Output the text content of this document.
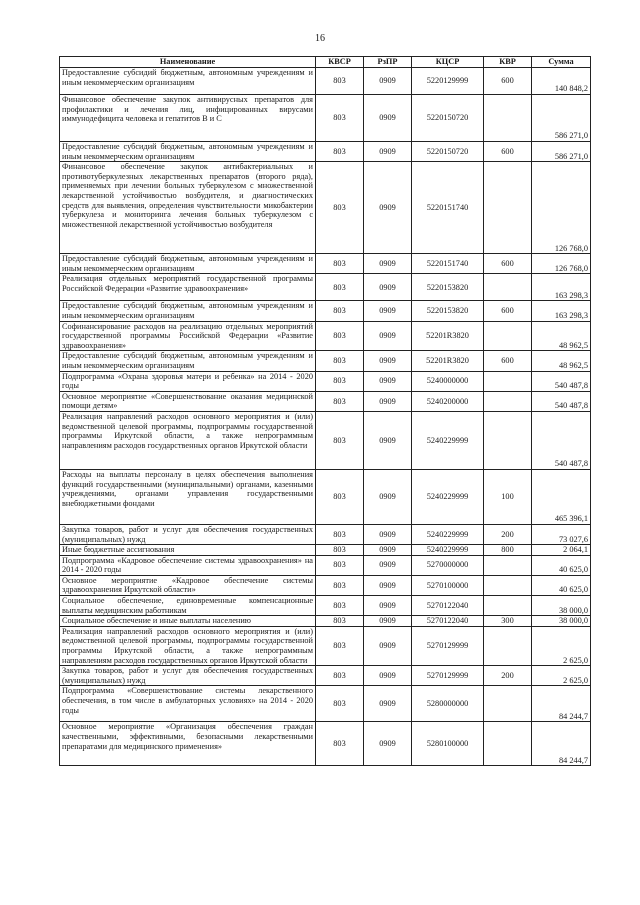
16
Наименование	КВСР	РзПР	КЦСР	КВР	Сумма
Предоставление субсидий бюджетным, автономным учреждениям и иным некоммерческим организациям	803	0909	5220129999	600	140 848,2
Финансовое обеспечение закупок антивирусных препаратов для профилактики и лечения лиц, инфицированных вирусами иммунодефицита человека и гепатитов B и C	803	0909	5220150720		586 271,0
Предоставление субсидий бюджетным, автономным учреждениям и иным некоммерческим организациям	803	0909	5220150720	600	586 271,0
Финансовое обеспечение закупок антибактериальных и противотуберкулезных лекарственных препаратов (второго ряда), применяемых при лечении больных туберкулезом с множественной лекарственной устойчивостью возбудителя, и диагностических средств для выявления, определения чувствительности микобактерии туберкулеза и мониторинга лечения больных туберкулезом с множественной лекарственной устойчивостью возбудителя	803	0909	5220151740		126 768,0
Предоставление субсидий бюджетным, автономным учреждениям и иным некоммерческим организациям	803	0909	5220151740	600	126 768,0
Реализация отдельных мероприятий государственной программы Российской Федерации «Развитие здравоохранения»	803	0909	5220153820		163 298,3
Предоставление субсидий бюджетным, автономным учреждениям и иным некоммерческим организациям	803	0909	5220153820	600	163 298,3
Софинансирование расходов на реализацию отдельных мероприятий государственной программы Российской Федерации «Развитие здравоохранения»	803	0909	52201R3820		48 962,5
Предоставление субсидий бюджетным, автономным учреждениям и иным некоммерческим организациям	803	0909	52201R3820	600	48 962,5
Подпрограмма «Охрана здоровья матери и ребенка» на 2014 - 2020 годы	803	0909	5240000000		540 487,8
Основное мероприятие «Совершенствование оказания медицинской помощи детям»	803	0909	5240200000		540 487,8
Реализация направлений расходов основного мероприятия и (или) ведомственной целевой программы, подпрограммы государственной программы Иркутской области, а также непрограммным направлениям расходов государственных органов Иркутской области	803	0909	5240229999		540 487,8
Расходы на выплаты персоналу в целях обеспечения выполнения функций государственными (муниципальными) органами, казенными учреждениями, органами управления государственными внебюджетными фондами	803	0909	5240229999	100	465 396,1
Закупка товаров, работ и услуг для обеспечения государственных (муниципальных) нужд	803	0909	5240229999	200	73 027,6
Иные бюджетные ассигнования	803	0909	5240229999	800	2 064,1
Подпрограмма «Кадровое обеспечение системы здравоохранения» на 2014 - 2020 годы	803	0909	5270000000		40 625,0
Основное мероприятие «Кадровое обеспечение системы здравоохранения Иркутской области»	803	0909	5270100000		40 625,0
Социальное обеспечение, единовременные компенсационные выплаты медицинским работникам	803	0909	5270122040		38 000,0
Социальное обеспечение и иные выплаты населению	803	0909	5270122040	300	38 000,0
Реализация направлений расходов основного мероприятия и (или) ведомственной целевой программы, подпрограммы государственной программы Иркутской области, а также непрограммным направлениям расходов государственных органов Иркутской области	803	0909	5270129999		2 625,0
Закупка товаров, работ и услуг для обеспечения государственных (муниципальных) нужд	803	0909	5270129999	200	2 625,0
Подпрограмма «Совершенствование системы лекарственного обеспечения, в том числе в амбулаторных условиях» на 2014 - 2020 годы	803	0909	5280000000		84 244,7
Основное мероприятие «Организация обеспечения граждан качественными, эффективными, безопасными лекарственными препаратами для медицинского применения»	803	0909	5280100000		84 244,7
